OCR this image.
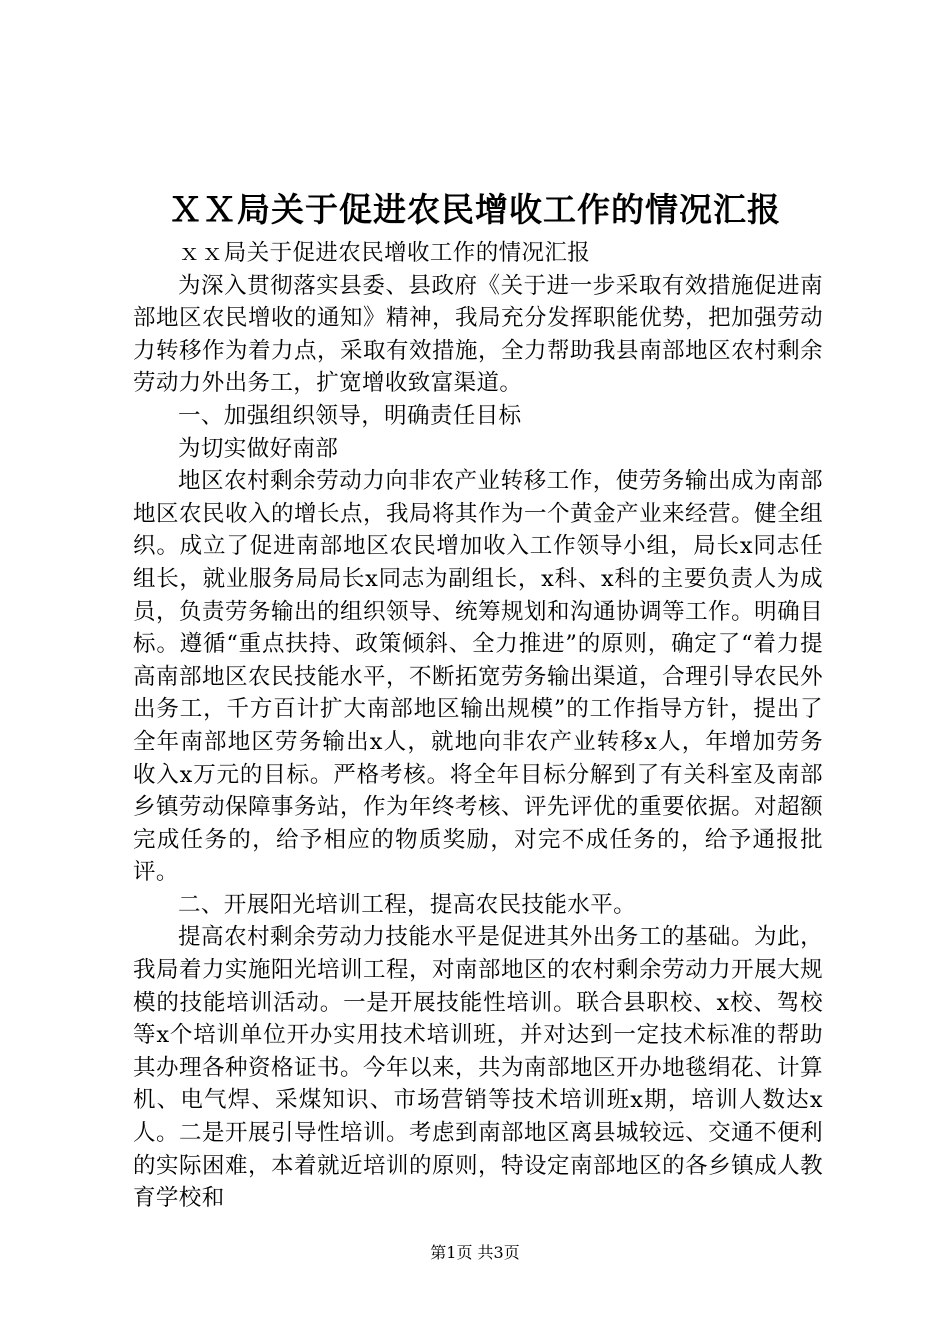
ＸＸ局关于促进农民增收工作的情况汇报

ｘｘ局关于促进农民增收工作的情况汇报

为深入贯彻落实县委、县政府《关于进一步采取有效措施促进南部地区农民增收的通知》精神，我局充分发挥职能优势，把加强劳动力转移作为着力点，采取有效措施，全力帮助我县南部地区农村剩余劳动力外出务工，扩宽增收致富渠道。

一、加强组织领导，明确责任目标

为切实做好南部

地区农村剩余劳动力向非农产业转移工作，使劳务输出成为南部地区农民收入的增长点，我局将其作为一个黄金产业来经营。健全组织。成立了促进南部地区农民增加收入工作领导小组，局长x同志任组长，就业服务局局长x同志为副组长，x科、x科的主要负责人为成员，负责劳务输出的组织领导、统筹规划和沟通协调等工作。明确目标。遵循“重点扶持、政策倾斜、全力推进”的原则，确定了“着力提高南部地区农民技能水平，不断拓宽劳务输出渠道，合理引导农民外出务工，千方百计扩大南部地区输出规模”的工作指导方针，提出了全年南部地区劳务输出x人，就地向非农产业转移x人，年增加劳务收入x万元的目标。严格考核。将全年目标分解到了有关科室及南部乡镇劳动保障事务站，作为年终考核、评先评优的重要依据。对超额完成任务的，给予相应的物质奖励，对完不成任务的，给予通报批评。

二、开展阳光培训工程，提高农民技能水平。

提高农村剩余劳动力技能水平是促进其外出务工的基础。为此，我局着力实施阳光培训工程，对南部地区的农村剩余劳动力开展大规模的技能培训活动。一是开展技能性培训。联合县职校、x校、驾校等x个培训单位开办实用技术培训班，并对达到一定技术标准的帮助其办理各种资格证书。今年以来，共为南部地区开办地毯绢花、计算机、电气焊、采煤知识、市场营销等技术培训班x期，培训人数达x人。二是开展引导性培训。考虑到南部地区离县城较远、交通不便利的实际困难，本着就近培训的原则，特设定南部地区的各乡镇成人教育学校和

第1页 共3页
